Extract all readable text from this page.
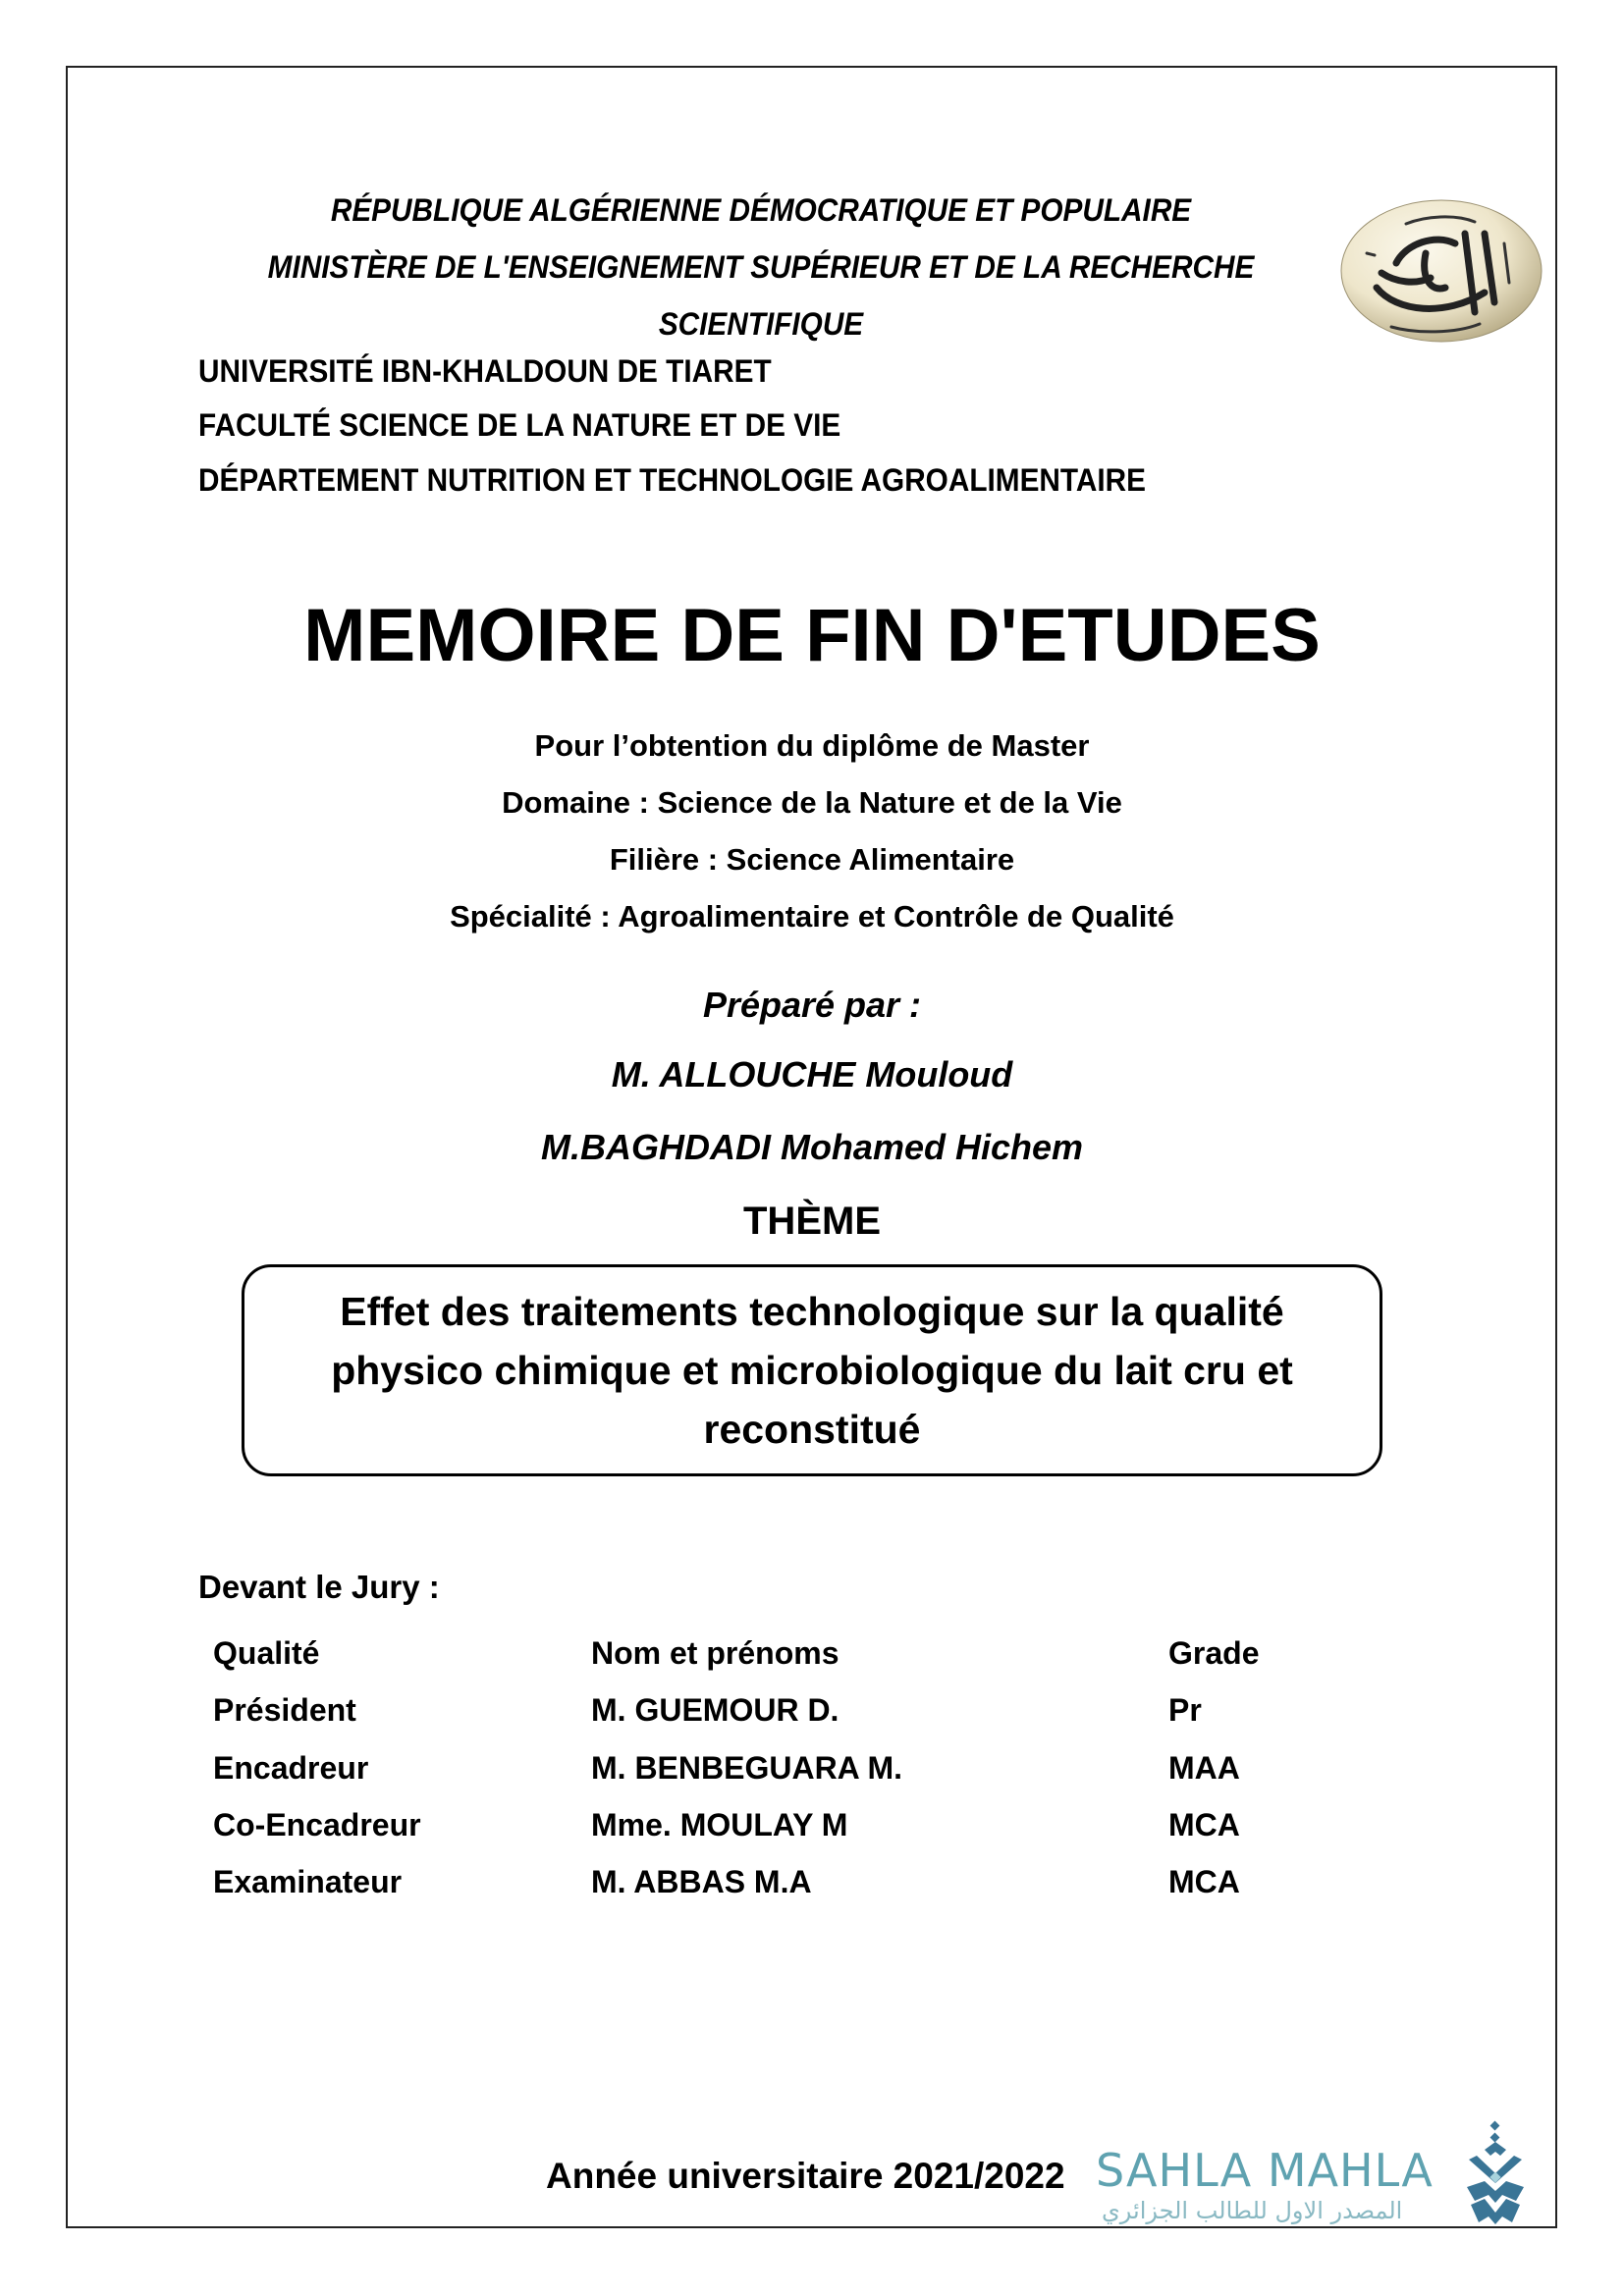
RÉPUBLIQUE ALGÉRIENNE DÉMOCRATIQUE ET POPULAIRE
MINISTÈRE DE L'ENSEIGNEMENT SUPÉRIEUR ET DE LA RECHERCHE
SCIENTIFIQUE
UNIVERSITÉ IBN-KHALDOUN DE TIARET
FACULTÉ SCIENCE DE LA NATURE ET DE VIE
DÉPARTEMENT NUTRITION ET TECHNOLOGIE AGROALIMENTAIRE
MEMOIRE DE FIN D'ETUDES
Pour l’obtention du diplôme de Master
Domaine : Science de la Nature et de la Vie
Filière : Science Alimentaire
Spécialité : Agroalimentaire et Contrôle de Qualité
Préparé par :
M. ALLOUCHE Mouloud
M.BAGHDADI Mohamed Hichem
THÈME
Effet des traitements technologique sur la qualité
physico chimique et microbiologique du lait cru et
reconstitué
Devant le Jury :
Qualité	Nom et prénoms	Grade
Président	M. GUEMOUR D.	Pr
Encadreur	M. BENBEGUARA M.	MAA
Co-Encadreur	Mme. MOULAY M	MCA
Examinateur	M. ABBAS M.A	MCA
Année universitaire 2021/2022 SAHLA MAHLA
المصدر الاول للطالب الجزائري
